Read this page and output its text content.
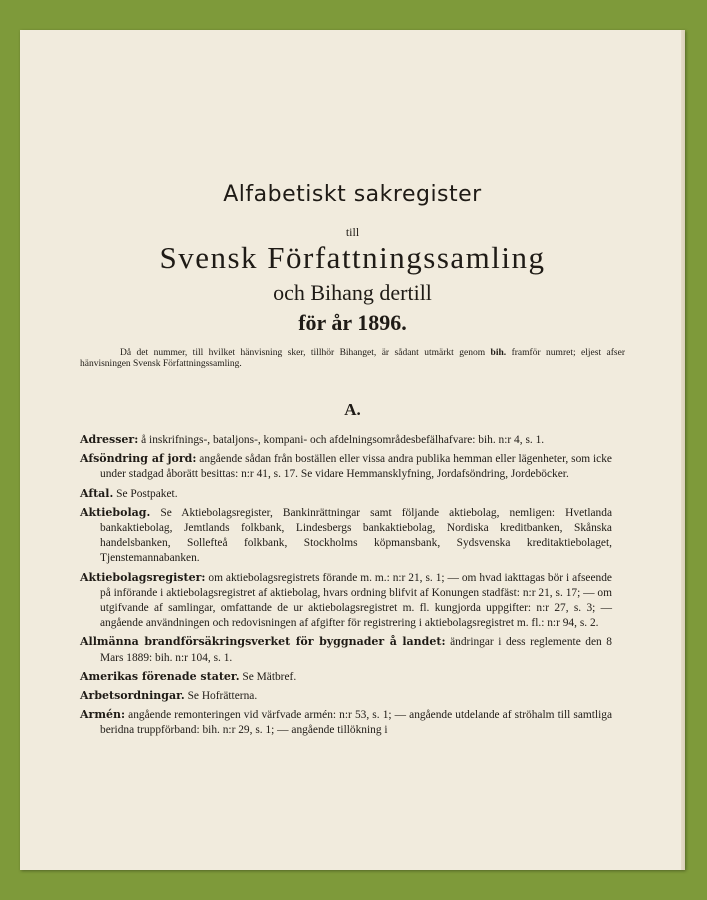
Alfabetiskt sakregister
till
Svensk Författningssamling
och Bihang dertill
för år 1896.
Då det nummer, till hvilket hänvisning sker, tillhör Bihanget, är sådant utmärkt genom bih. framför numret; eljest afser hänvisningen Svensk Författningssamling.
A.
Adresser: å inskrifnings-, bataljons-, kompani- och afdelningsområdesbefälhafvare: bih. n:r 4, s. 1.
Afsöndring af jord: angående sådan från boställen eller vissa andra publika hemman eller lägenheter, som icke under stadgad åborätt besittas: n:r 41, s. 17. Se vidare Hemmansklyfning, Jordafsöndring, Jordeböcker.
Aftal. Se Postpaket.
Aktiebolag. Se Aktiebolagsregister, Bankinrättningar samt följande aktiebolag, nemligen: Hvetlanda bankaktiebolag, Jemtlands folkbank, Lindesbergs bankaktiebolag, Nordiska kreditbanken, Skånska handelsbanken, Sollefteå folkbank, Stockholms köpmansbank, Sydsvenska kreditaktiebolaget, Tjenstemannabanken.
Aktiebolagsregister: om aktiebolagsregistrets förande m. m.: n:r 21, s. 1; — om hvad iakttagas bör i afseende på införande i aktiebolagsregistret af aktiebolag, hvars ordning blifvit af Konungen stadfäst: n:r 21, s. 17; — om utgifvande af samlingar, omfattande de ur aktiebolagsregistret m. fl. kungjorda uppgifter: n:r 27, s. 3; — angående användningen och redovisningen af afgifter för registrering i aktiebolagsregistret m. fl.: n:r 94, s. 2.
Allmänna brandförsäkringsverket för byggnader å landet: ändringar i dess reglemente den 8 Mars 1889: bih. n:r 104, s. 1.
Amerikas förenade stater. Se Mätbref.
Arbetsordningar. Se Hofrätterna.
Armén: angående remonteringen vid värfvade armén: n:r 53, s. 1; — angående utdelande af ströhalm till samtliga beridna truppförband: bih. n:r 29, s. 1; — angående tillökning i
